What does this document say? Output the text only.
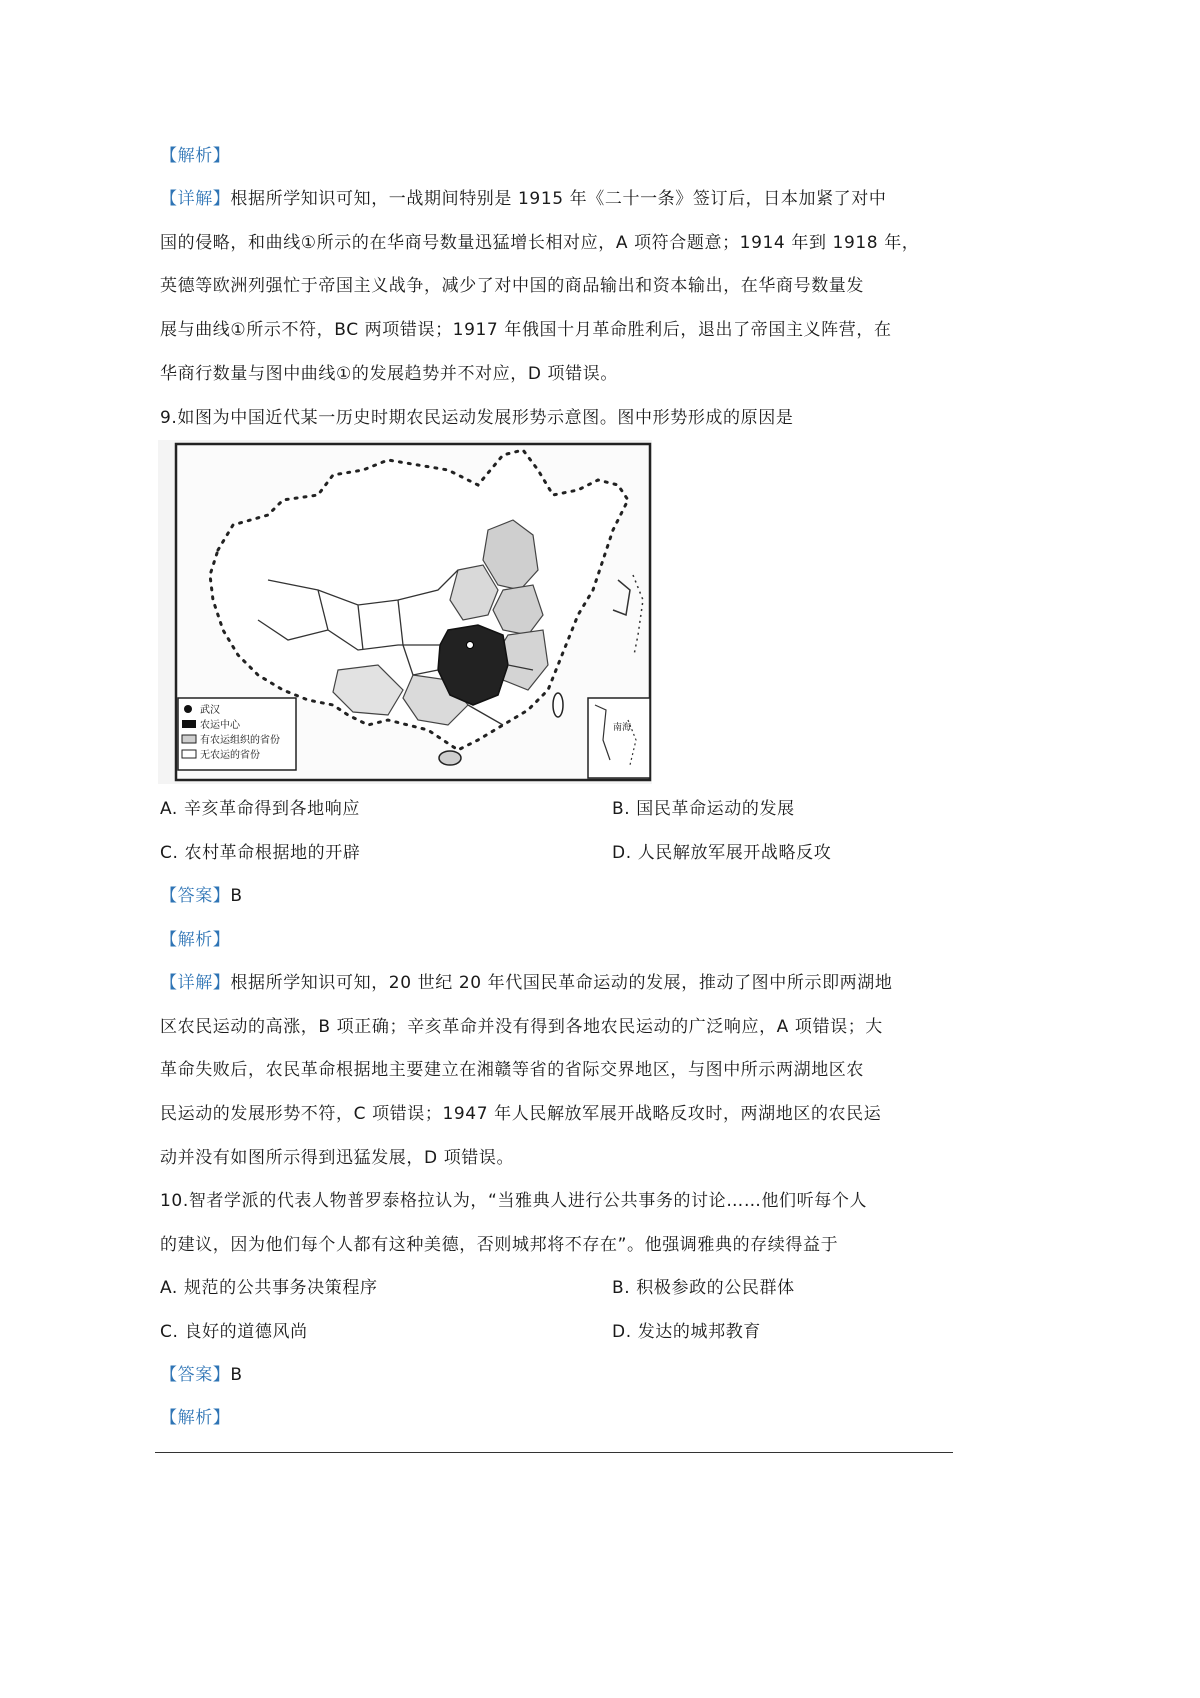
【解析】
【详解】根据所学知识可知，一战期间特别是 1915 年《二十一条》签订后，日本加紧了对中
国的侵略，和曲线①所示的在华商号数量迅猛增长相对应，A 项符合题意；1914 年到 1918 年，
英德等欧洲列强忙于帝国主义战争，减少了对中国的商品输出和资本输出，在华商号数量发
展与曲线①所示不符，BC 两项错误；1917 年俄国十月革命胜利后，退出了帝国主义阵营，在
华商行数量与图中曲线①的发展趋势并不对应，D 项错误。
9.如图为中国近代某一历史时期农民运动发展形势示意图。图中形势形成的原因是
武汉
农运中心
有农运组织的省份
无农运的省份
南海
A. 辛亥革命得到各地响应	B. 国民革命运动的发展
C. 农村革命根据地的开辟	D. 人民解放军展开战略反攻
【答案】B
【解析】
【详解】根据所学知识可知，20 世纪 20 年代国民革命运动的发展，推动了图中所示即两湖地
区农民运动的高涨，B 项正确；辛亥革命并没有得到各地农民运动的广泛响应，A 项错误；大
革命失败后，农民革命根据地主要建立在湘赣等省的省际交界地区，与图中所示两湖地区农
民运动的发展形势不符，C 项错误；1947 年人民解放军展开战略反攻时，两湖地区的农民运
动并没有如图所示得到迅猛发展，D 项错误。
10.智者学派的代表人物普罗泰格拉认为，“当雅典人进行公共事务的讨论……他们听每个人
的建议，因为他们每个人都有这种美德，否则城邦将不存在”。他强调雅典的存续得益于
A. 规范的公共事务决策程序	B. 积极参政的公民群体
C. 良好的道德风尚	D. 发达的城邦教育
【答案】B
【解析】
